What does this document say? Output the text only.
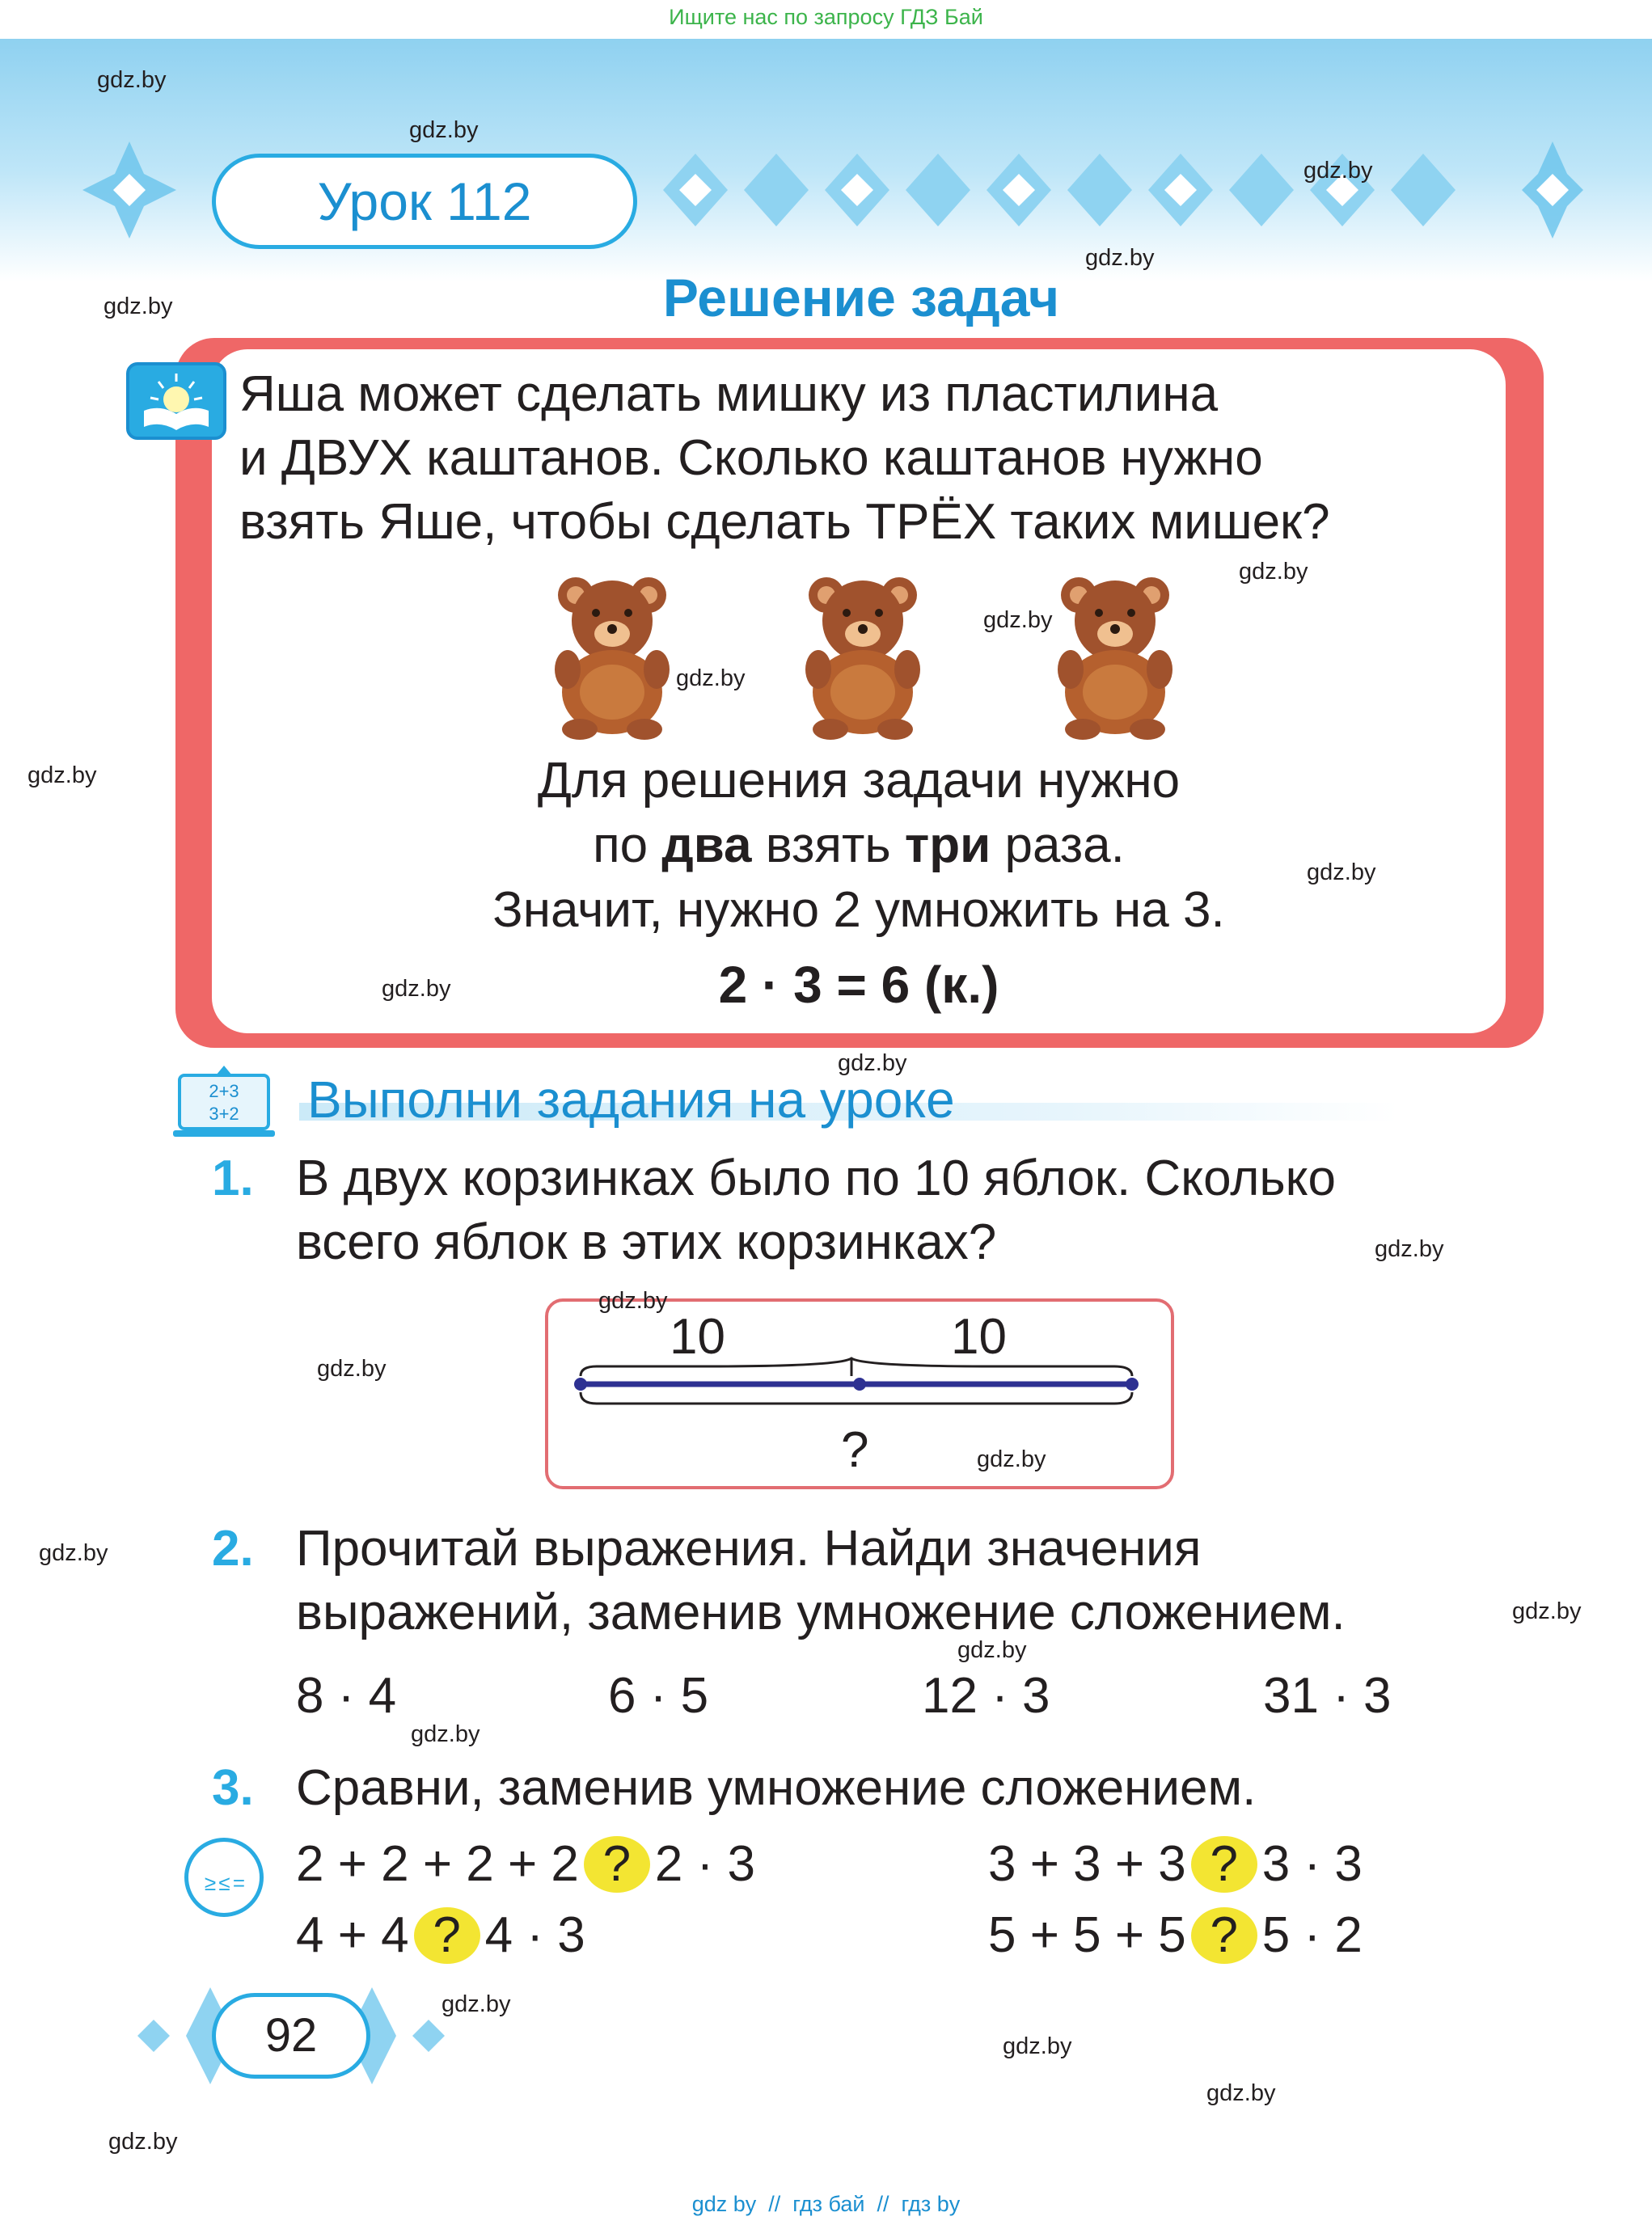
Ищите нас по запросу ГДЗ Бай
Урок 112
Решение задач
Яша может сделать мишку из пластилина
и ДВУХ каштанов. Сколько каштанов нужно
взять Яше, чтобы сделать ТРЁХ таких мишек?
Для решения задачи нужно
по два взять три раза.
Значит, нужно 2 умножить на 3.
2 · 3 = 6 (к.)
2+3
3+2	Выполни задания на уроке
1. В двух корзинках было по 10 яблок. Сколько
всего яблок в этих корзинках?
10	10
?
2. Прочитай выражения. Найди значения
выражений, заменив умножение сложением.
8 · 4	6 · 5	12 · 3	31 · 3
3. Сравни, заменив умножение сложением.
≥ ≤ =	2 + 2 + 2 + 2 ? 2 · 3	3 + 3 + 3 ? 3 · 3
4 + 4 ? 4 · 3	5 + 5 + 5 ? 5 · 2
92
gdz.by
gdz.by
gdz.by
gdz.by
gdz.by
gdz.by
gdz.by
gdz.by
gdz.by
gdz.by
gdz.by
gdz.by
gdz.by
gdz.by
gdz.by
gdz.by
gdz.by
gdz.by
gdz.by
gdz.by
gdz.by
gdz.by
gdz.by
gdz.by
gdz by  //  гдз бай  //  гдз by
